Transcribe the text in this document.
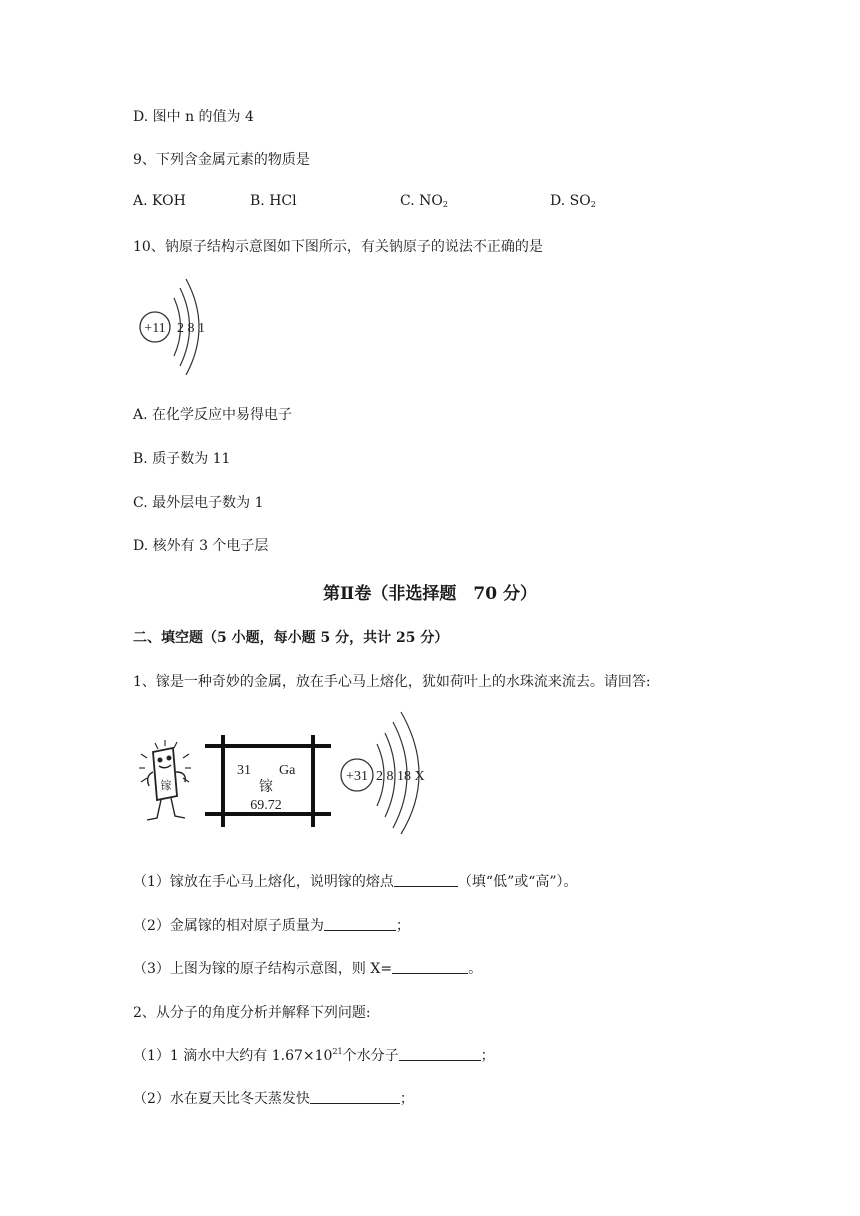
D. 图中 n 的值为 4
9、下列含金属元素的物质是
A. KOH	B. HCl	C. $NO_2$	D. $SO_2$
10、钠原子结构示意图如下图所示，有关钠原子的说法不正确的是
+11 2 8 1
A. 在化学反应中易得电子
B. 质子数为 11
C. 最外层电子数为 1
D. 核外有 3 个电子层
第Ⅱ卷（非选择题　70 分）
二、填空题（5 小题，每小题 5 分，共计 25 分）
1、镓是一种奇妙的金属，放在手心马上熔化，犹如荷叶上的水珠流来流去。请回答:
镓
31 Ga
镓
69.72
+31 2 8 18 X
（1）镓放在手心马上熔化，说明镓的熔点	（填“低”或“高”）。
（2）金属镓的相对原子质量为	；
（3）上图为镓的原子结构示意图，则 X=	。
2、从分子的角度分析并解释下列问题:
（1）1 滴水中大约有 $1.67\times 10^{21}$个水分子	；
（2）水在夏天比冬天蒸发快	；
